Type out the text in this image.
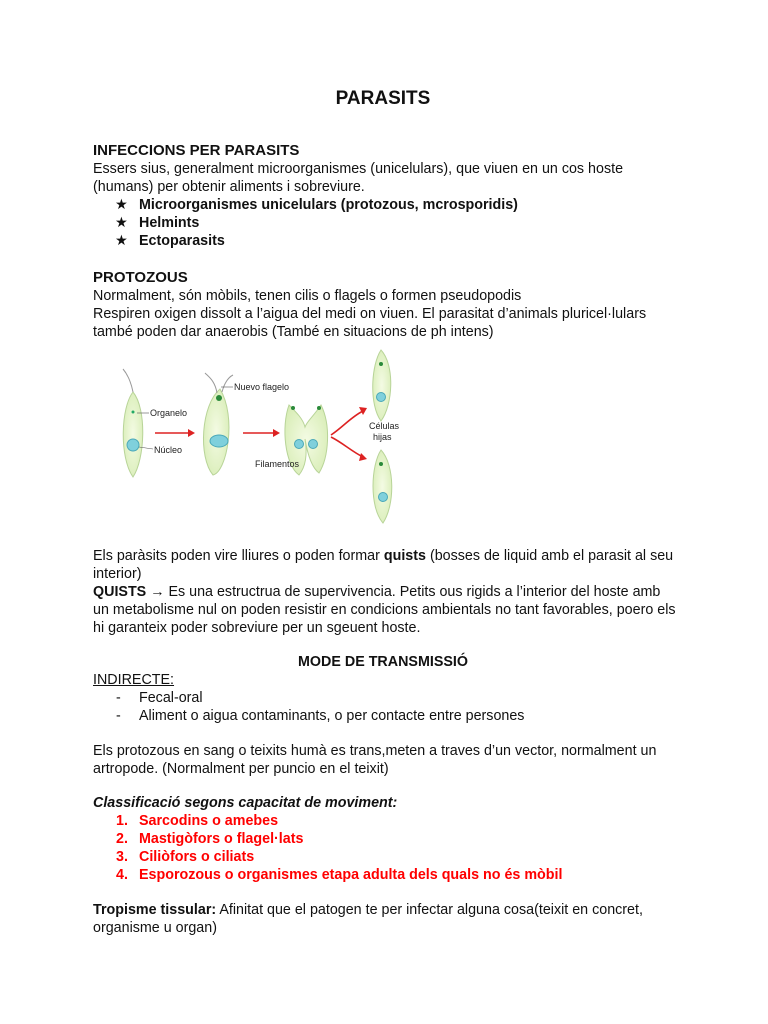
PARASITS
INFECCIONS PER PARASITS

Essers sius, generalment microorganismes (unicelulars), que viuen en un cos hoste

(humans) per obtenir aliments i sobreviure.

★ Microorganismes unicelulars (protozous, mcrosporidis)
★ Helmints
★ Ectoparasits
PROTOZOUS

Normalment, són mòbils, tenen cilis o flagels o formen pseudopodis

Respiren oxigen dissolt a l’aigua del medi on viuen. El parasitat d’animals pluricel·lulars

també poden dar anaerobis (També en situacions de ph intens)

Organelo
Núcleo
Nuevo flagelo
Filamentos
Células
hijas

Els paràsits poden vire lliures o poden formar quists (bosses de liquid amb el parasit al seu

interior)

QUISTS → Es una estructrua de supervivencia. Petits ous rigids a l’interior del hoste amb

un metabolisme nul on poden resistir en condicions ambientals no tant favorables, poero els

hi garanteix poder sobreviure per un sgeuent hoste.

MODE DE TRANSMISSIÓ

INDIRECTE:

- Fecal-oral
- Aliment o aigua contaminants, o per contacte entre persones

Els protozous en sang o teixits humà es trans,meten a traves d’un vector, normalment un

artropode. (Normalment per puncio en el teixit)

Classificació segons capacitat de moviment:

1. Sarcodins o amebes
2. Mastigòfors o flagel·lats
3. Ciliòfors o ciliats
4. Esporozous o organismes etapa adulta dels quals no és mòbil

Tropisme tissular: Afinitat que el patogen te per infectar alguna cosa(teixit en concret,

organisme u organ)
